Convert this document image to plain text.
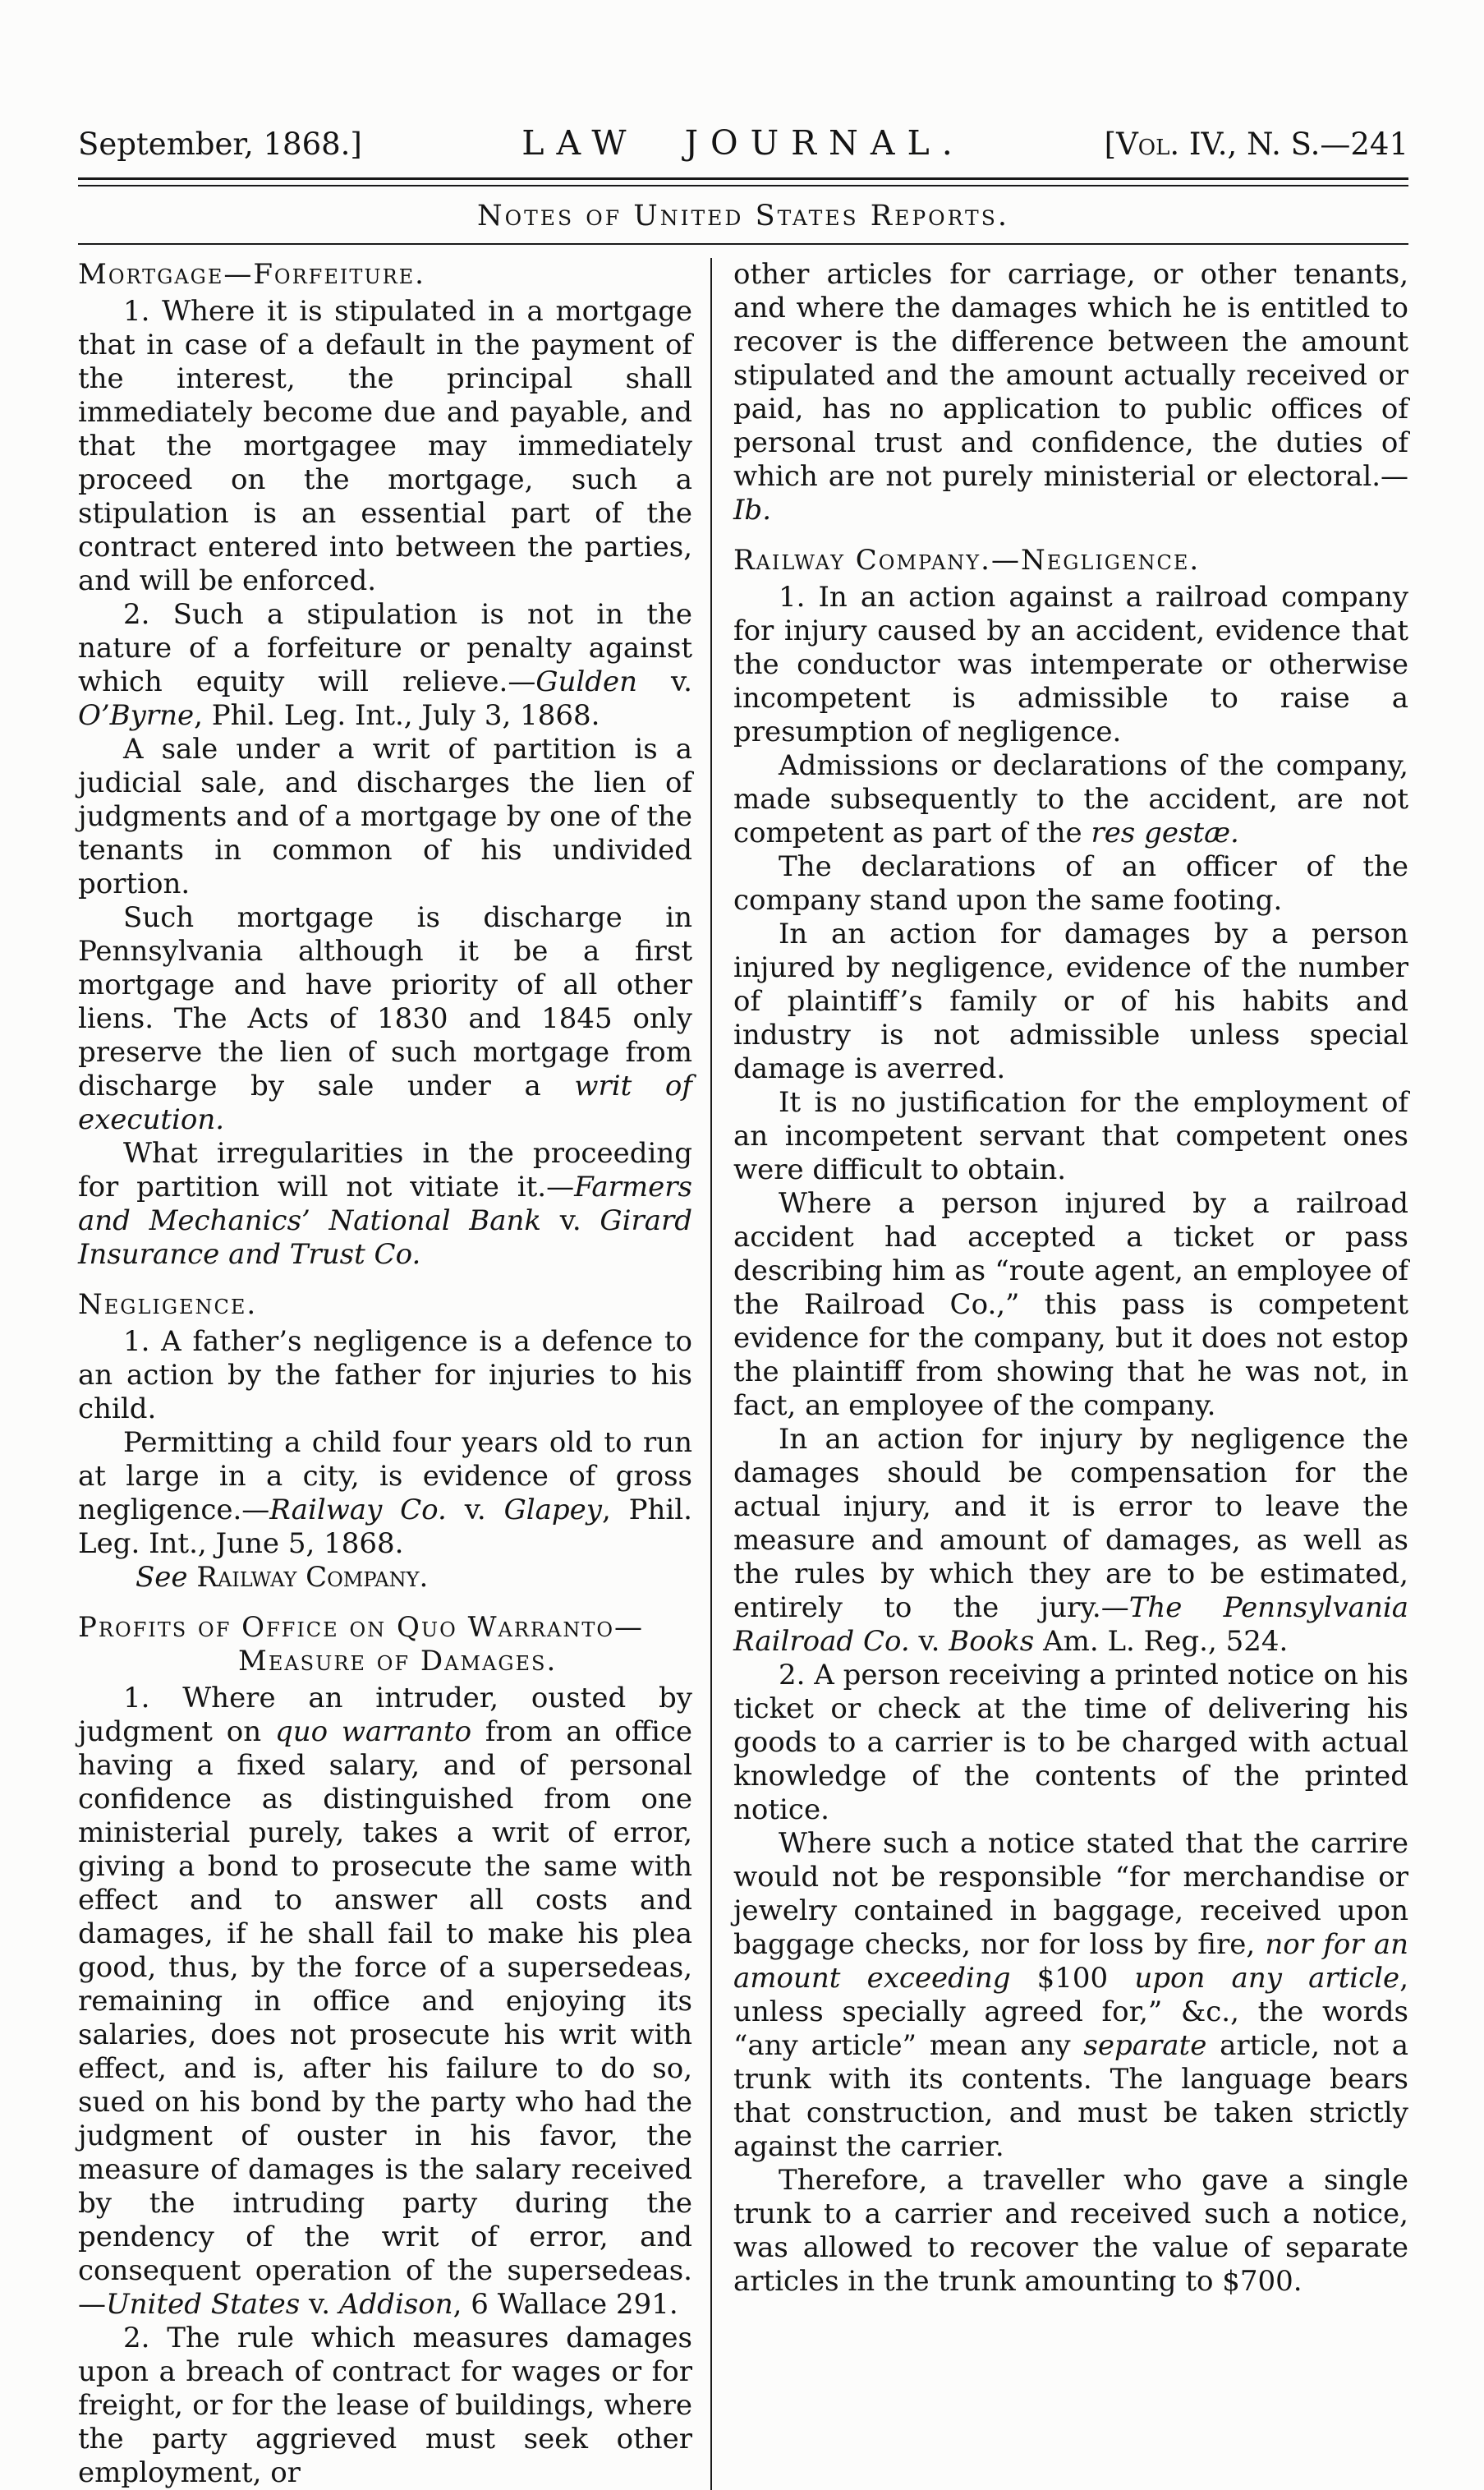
September, 1868.]	LAW JOURNAL.	[Vol. IV., N. S.—241
Notes of United States Reports.
Mortgage—Forfeiture.

1. Where it is stipulated in a mortgage that in case of a default in the payment of the interest, the principal shall immediately become due and payable, and that the mortgagee may immediately proceed on the mortgage, such a stipulation is an essential part of the contract entered into between the parties, and will be enforced.

2. Such a stipulation is not in the nature of a forfeiture or penalty against which equity will relieve.—Gulden v. O’Byrne, Phil. Leg. Int., July 3, 1868.

A sale under a writ of partition is a judicial sale, and discharges the lien of judgments and of a mortgage by one of the tenants in common of his undivided portion.

Such mortgage is discharge in Pennsylvania although it be a first mortgage and have priority of all other liens. The Acts of 1830 and 1845 only preserve the lien of such mortgage from discharge by sale under a writ of execution.

What irregularities in the proceeding for partition will not vitiate it.—Farmers and Mechanics’ National Bank v. Girard Insurance and Trust Co.

Negligence.

1. A father’s negligence is a defence to an action by the father for injuries to his child.

Permitting a child four years old to run at large in a city, is evidence of gross negligence.—Railway Co. v. Glapey, Phil. Leg. Int., June 5, 1868.

See Railway Company.

Profits of Office on Quo Warranto—Measure of Damages.

1. Where an intruder, ousted by judgment on quo warranto from an office having a fixed salary, and of personal confidence as distinguished from one ministerial purely, takes a writ of error, giving a bond to prosecute the same with effect and to answer all costs and damages, if he shall fail to make his plea good, thus, by the force of a supersedeas, remaining in office and enjoying its salaries, does not prosecute his writ with effect, and is, after his failure to do so, sued on his bond by the party who had the judgment of ouster in his favor, the measure of damages is the salary received by the intruding party during the pendency of the writ of error, and consequent operation of the supersedeas.—United States v. Addison, 6 Wallace 291.

2. The rule which measures damages upon a breach of contract for wages or for freight, or for the lease of buildings, where the party aggrieved must seek other employment, or

other articles for carriage, or other tenants, and where the damages which he is entitled to recover is the difference between the amount stipulated and the amount actually received or paid, has no application to public offices of personal trust and confidence, the duties of which are not purely ministerial or electoral.—Ib.

Railway Company.—Negligence.

1. In an action against a railroad company for injury caused by an accident, evidence that the conductor was intemperate or otherwise incompetent is admissible to raise a presumption of negligence.

Admissions or declarations of the company, made subsequently to the accident, are not competent as part of the res gestæ.

The declarations of an officer of the company stand upon the same footing.

In an action for damages by a person injured by negligence, evidence of the number of plaintiff’s family or of his habits and industry is not admissible unless special damage is averred.

It is no justification for the employment of an incompetent servant that competent ones were difficult to obtain.

Where a person injured by a railroad accident had accepted a ticket or pass describing him as “route agent, an employee of the Railroad Co.,” this pass is competent evidence for the company, but it does not estop the plaintiff from showing that he was not, in fact, an employee of the company.

In an action for injury by negligence the damages should be compensation for the actual injury, and it is error to leave the measure and amount of damages, as well as the rules by which they are to be estimated, entirely to the jury.—The Pennsylvania Railroad Co. v. Books Am. L. Reg., 524.

2. A person receiving a printed notice on his ticket or check at the time of delivering his goods to a carrier is to be charged with actual knowledge of the contents of the printed notice.

Where such a notice stated that the carrire would not be responsible “for merchandise or jewelry contained in baggage, received upon baggage checks, nor for loss by fire, nor for an amount exceeding $100 upon any article, unless specially agreed for,” &c., the words “any article” mean any separate article, not a trunk with its contents. The language bears that construction, and must be taken strictly against the carrier.

Therefore, a traveller who gave a single trunk to a carrier and received such a notice, was allowed to recover the value of separate articles in the trunk amounting to $700.
